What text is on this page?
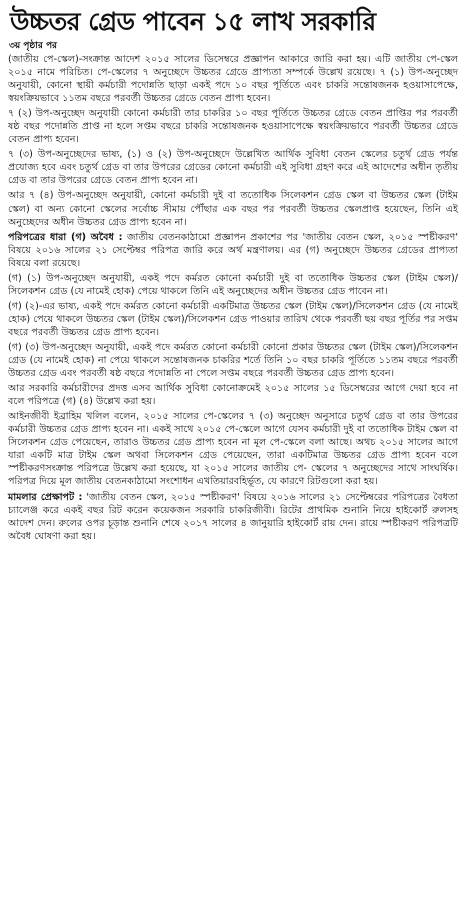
উচ্চতর গ্রেড পাবেন ১৫ লাখ সরকারি
৩য় পৃষ্ঠার পর

(জাতীয় পে-স্কেল)-সংক্রান্ত আদেশ ২০১৫ সালের ডিসেম্বরে প্রজ্ঞাপন আকারে জারি করা হয়। এটি জাতীয় পে-স্কেল ২০১৫ নামে পরিচিত। পে-স্কেলের ৭ অনুচ্ছেদে উচ্চতর গ্রেডে প্রাপ্যতা সম্পর্কে উল্লেখ রয়েছে। ৭ (১) উপ-অনুচ্ছেদ অনুযায়ী, কোনো স্থায়ী কর্মচারী পদোন্নতি ছাড়া একই পদে ১০ বছর পূর্তিতে এবং চাকরি সন্তোষজনক হওয়াসাপেক্ষে, স্বয়ংক্রিয়ভাবে ১১তম বছরে পরবর্তী উচ্চতর গ্রেডে বেতন প্রাপ্য হবেন।

৭ (২) উপ-অনুচ্ছেদ অনুযায়ী কোনো কর্মচারী তার চাকরির ১০ বছর পূর্তিতে উচ্চতর গ্রেডে বেতন প্রাপ্তির পর পরবর্তী ষষ্ঠ বছর পদোন্নতি প্রাপ্ত না হলে সপ্তম বছরে চাকরি সন্তোষজনক হওয়াসাপেক্ষে স্বয়ংক্রিয়ভাবে পরবর্তী উচ্চতর গ্রেডে বেতন প্রাপ্য হবেন।

৭ (৩) উপ-অনুচ্ছেদের ভাষ্য, (১) ও (২) উপ-অনুচ্ছেদে উল্লেখিত আর্থিক সুবিধা বেতন স্কেলের চতুর্থ গ্রেড পর্যন্ত প্রযোজ্য হবে এবং চতুর্থ গ্রেড বা তার উপরের গ্রেডের কোনো কর্মচারী এই সুবিধা গ্রহণ করে এই আদেশের অধীন তৃতীয় গ্রেড বা তার উপরের গ্রেডে বেতন প্রাপ্য হবেন না।

আর ৭ (৪) উপ-অনুচ্ছেদ অনুযায়ী, কোনো কর্মচারী দুই বা ততোধিক সিলেকশন গ্রেড স্কেল বা উচ্চতর স্কেল (টাইম স্কেল) বা অন্য কোনো স্কেলের সর্বোচ্চ সীমায় পৌঁছার এক বছর পর পরবর্তী উচ্চতর স্কেলপ্রাপ্ত হয়েছেন, তিনি এই অনুচ্ছেদের অধীন উচ্চতর গ্রেড প্রাপ্য হবেন না।

পরিপত্রের ধারা (গ) অবৈধ : জাতীয় বেতনকাঠামো প্রজ্ঞাপন প্রকাশের পর 'জাতীয় বেতন স্কেল, ২০১৫ স্পষ্টীকরণ' বিষয়ে ২০১৬ সালের ২১ সেপ্টেম্বর পরিপত্র জারি করে অর্থ মন্ত্রণালয়। এর (গ) অনুচ্ছেদে উচ্চতর গ্রেডের প্রাপ্যতা বিষয়ে বলা রয়েছে।

(গ) (১) উপ-অনুচ্ছেদ অনুযায়ী, একই পদে কর্মরত কোনো কর্মচারী দুই বা ততোধিক উচ্চতর স্কেল (টাইম স্কেল)/সিলেকশন গ্রেড (যে নামেই হোক) পেয়ে থাকলে তিনি এই অনুচ্ছেদের অধীন উচ্চতর গ্রেড পাবেন না।

(গ) (২)-এর ভাষ্য, একই পদে কর্মরত কোনো কর্মচারী একটিমাত্র উচ্চতর স্কেল (টাইম স্কেল)/সিলেকশন গ্রেড (যে নামেই হোক) পেয়ে থাকলে উচ্চতর স্কেল (টাইম স্কেল)/সিলেকশন গ্রেড পাওয়ার তারিখ থেকে পরবর্তী ছয় বছর পূর্তির পর সপ্তম বছরে পরবর্তী উচ্চতর গ্রেড প্রাপ্য হবেন।

(গ) (৩) উপ-অনুচ্ছেদ অনুযায়ী, একই পদে কর্মরত কোনো কর্মচারী কোনো প্রকার উচ্চতর স্কেল (টাইম স্কেল)/সিলেকশন গ্রেড (যে নামেই হোক) না পেয়ে থাকলে সন্তোষজনক চাকরির শর্তে তিনি ১০ বছর চাকরি পূর্তিতে ১১তম বছরে পরবর্তী উচ্চতর গ্রেড এবং পরবর্তী ষষ্ঠ বছরে পদোন্নতি না পেলে সপ্তম বছরে পরবর্তী উচ্চতর গ্রেড প্রাপ্য হবেন।

আর সরকারি কর্মচারীদের প্রদত্ত এসব আর্থিক সুবিধা কোনোক্রমেই ২০১৫ সালের ১৫ ডিসেম্বরের আগে দেয়া হবে না বলে পরিপত্রে (গ) (৪) উল্লেখ করা হয়।

আইনজীবী ইব্রাহিম খলিল বলেন, ২০১৫ সালের পে-স্কেলের ৭ (৩) অনুচ্ছেদ অনুসারে চতুর্থ গ্রেড বা তার উপরের কর্মচারী উচ্চতর গ্রেড প্রাপ্য হবেন না। একই সাথে ২০১৫ পে-স্কেলে আগে যেসব কর্মচারী দুই বা ততোধিক টাইম স্কেল বা সিলেকশন গ্রেড পেয়েছেন, তারাও উচ্চতর গ্রেড প্রাপ্য হবেন না মূল পে-স্কেলে বলা আছে। অথচ ২০১৫ সালের আগে যারা একটি মাত্র টাইম স্কেল অথবা সিলেকশন গ্রেড পেয়েছেন, তারা একটিমাত্র উচ্চতর গ্রেড প্রাপ্য হবেন বলে স্পষ্টীকরণসংক্রান্ত পরিপত্রে উল্লেখ করা হয়েছে, যা ২০১৫ সালের জাতীয় পে- স্কেলের ৭ অনুচ্ছেদের সাথে সাংঘর্ষিক। পরিপত্র দিয়ে মূল জাতীয় বেতনকাঠামো সংশোধন এখতিয়ারবহির্ভূত, যে কারণে রিটগুলো করা হয়।

মামলার প্রেক্ষাপট : 'জাতীয় বেতন স্কেল, ২০১৫ স্পষ্টীকরণ' বিষয়ে ২০১৬ সালের ২১ সেপ্টেম্বরের পরিপত্রের বৈধতা চ্যালেঞ্জ করে একই বছর রিট করেন কয়েকজন সরকারি চাকরিজীবী। রিটের প্রাথমিক শুনানি নিয়ে হাইকোর্ট রুলসহ আদেশ দেন। রুলের ওপর চূড়ান্ত শুনানি শেষে ২০১৭ সালের ৪ জানুয়ারি হাইকোর্ট রায় দেন। রায়ে স্পষ্টীকরণ পরিপত্রটি অবৈধ ঘোষণা করা হয়।
